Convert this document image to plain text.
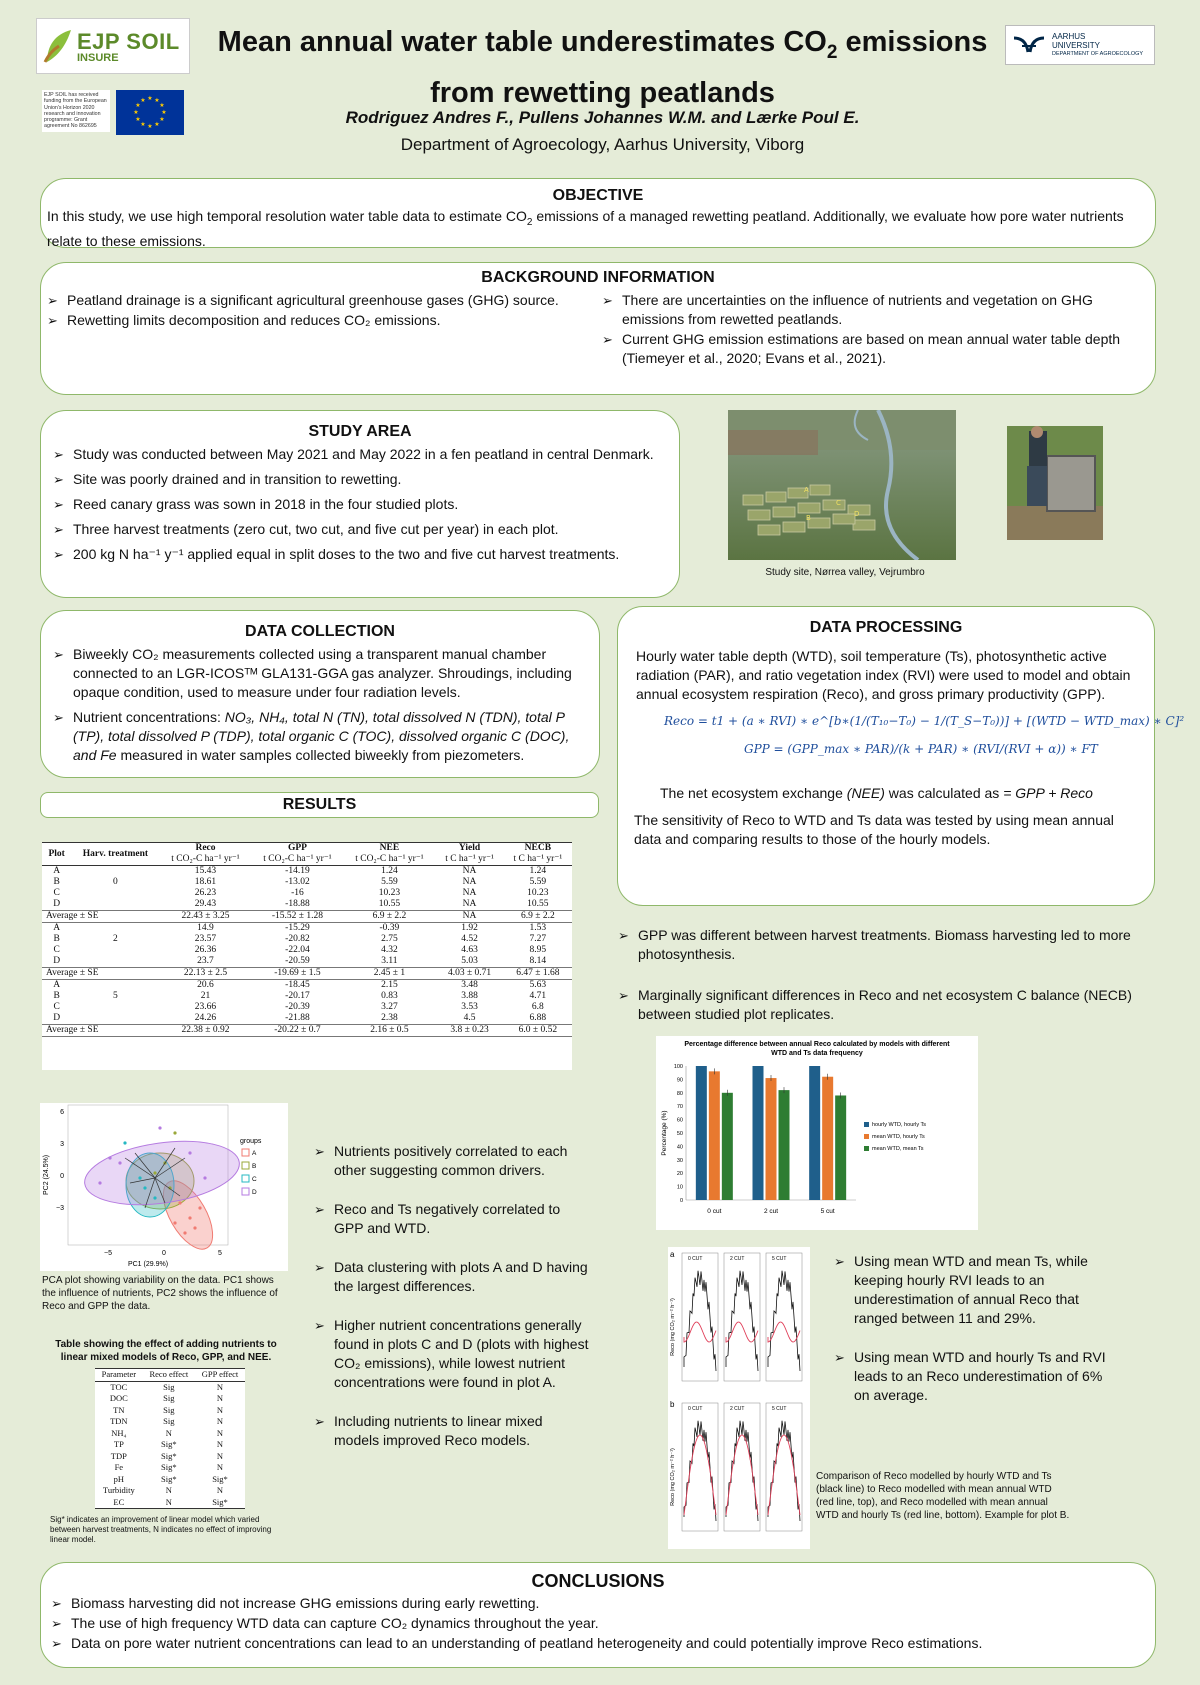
EJP SOIL
INSURE
EJP SOIL has received funding from the European Union's Horizon 2020 research and innovation programme: Grant agreement No 862695
★ ★
★
★
★
★
★
★
★
★
★
★
Mean annual water table underestimates $CO_2$ emissions
from rewetting peatlands
Rodriguez Andres F., Pullens Johannes W.M. and Lærke Poul E.
Department of Agroecology, Aarhus University, Viborg
AARHUS
UNIVERSITY
DEPARTMENT OF AGROECOLOGY
OBJECTIVE
In this study, we use high temporal resolution water table data to estimate $CO_2$ emissions of a managed rewetting peatland. Additionally, we evaluate how pore water nutrients relate to these emissions.
BACKGROUND INFORMATION
➢ Peatland drainage is a significant agricultural greenhouse gases (GHG) source.
➢ Rewetting limits decomposition and reduces CO₂ emissions.
➢ There are uncertainties on the influence of nutrients and vegetation on GHG emissions from rewetted peatlands.
➢ Current GHG emission estimations are based on mean annual water table depth (Tiemeyer et al., 2020; Evans et al., 2021).
STUDY AREA
➢ Study was conducted between May 2021 and May 2022 in a fen peatland in central Denmark.
➢ Site was poorly drained and in transition to rewetting.
➢ Reed canary grass was sown in 2018 in the four studied plots.
➢ Three harvest treatments (zero cut, two cut, and five cut per year) in each plot.
➢ 200 kg N ha⁻¹ y⁻¹ applied equal in split doses to the two and five cut harvest treatments.
A
B
C
D
Study site, Nørrea valley, Vejrumbro
DATA COLLECTION
➢ Biweekly CO₂ measurements collected using a transparent manual chamber connected to an LGR-ICOSᵀᴹ GLA131-GGA gas analyzer. Shroudings, including opaque condition, used to measure under four radiation levels.
➢ Nutrient concentrations: NO₃, NH₄, total N (TN), total dissolved N (TDN), total P (TP), total dissolved P (TDP), total organic C (TOC), dissolved organic C (DOC), and Fe measured in water samples collected biweekly from piezometers.
DATA PROCESSING
Hourly water table depth (WTD), soil temperature (Ts), photosynthetic active radiation (PAR), and ratio vegetation index (RVI) were used to model and obtain annual ecosystem respiration (Reco), and gross primary productivity (GPP).
Reco = t1 + (a ∗ RVI) ∗ e^[b∗(1/(T₁₀−T₀) − 1/(T_S−T₀))] + [(WTD − WTD_max) ∗ C]²
GPP = (GPP_max ∗ PAR)/(k + PAR) ∗ (RVI/(RVI + α)) ∗ FT
The net ecosystem exchange (NEE) was calculated as = GPP + Reco
The sensitivity of Reco to WTD and Ts data was tested by using mean annual data and comparing results to those of the hourly models.
RESULTS
Plot	Harv. treatment	Reco	GPP	NEE	Yield	NECB
		t CO₂-C ha⁻¹ yr⁻¹	t CO₂-C ha⁻¹ yr⁻¹	t CO₂-C ha⁻¹ yr⁻¹	t C ha⁻¹ yr⁻¹	t C ha⁻¹ yr⁻¹
A		15.43	-14.19	1.24	NA	1.24
B	0	18.61	-13.02	5.59	NA	5.59
C		26.23	-16	10.23	NA	10.23
D		29.43	-18.88	10.55	NA	10.55
Average ± SE		22.43 ± 3.25	-15.52 ± 1.28	6.9 ± 2.2	NA	6.9 ± 2.2
A		14.9	-15.29	-0.39	1.92	1.53
B	2	23.57	-20.82	2.75	4.52	7.27
C		26.36	-22.04	4.32	4.63	8.95
D		23.7	-20.59	3.11	5.03	8.14
Average ± SE		22.13 ± 2.5	-19.69 ± 1.5	2.45 ± 1	4.03 ± 0.71	6.47 ± 1.68
A		20.6	-18.45	2.15	3.48	5.63
B	5	21	-20.17	0.83	3.88	4.71
C		23.66	-20.39	3.27	3.53	6.8
D		24.26	-21.88	2.38	4.5	6.88
Average ± SE		22.38 ± 0.92	-20.22 ± 0.7	2.16 ± 0.5	3.8 ± 0.23	6.0 ± 0.52
➢ GPP was different between harvest treatments. Biomass harvesting led to more photosynthesis.
➢ Marginally significant differences in Reco and net ecosystem C balance (NECB) between studied plot replicates.
Percentage difference between annual Reco calculated by models with different
WTD and Ts data frequency
0
10
20
30
40
50
60
70
80
90
100
Percentage (%)
0 cut	2 cut	5 cut
hourly WTD, hourly Ts
mean WTD, hourly Ts
mean WTD, mean Ts
6
3
0
−3
−5	0	5
PC1 (29.9%)
PC2 (24.5%)
groups
A
B
C
D
PCA plot showing variability on the data. PC1 shows the influence of nutrients, PC2 shows the influence of Reco and GPP the data.
➢ Nutrients positively correlated to each other suggesting common drivers.
➢ Reco and Ts negatively correlated to GPP and WTD.
➢ Data clustering with plots A and D having the largest differences.
➢ Higher nutrient concentrations generally found in plots C and D (plots with highest CO₂ emissions), while lowest nutrient concentrations were found in plot A.
➢ Including nutrients to linear mixed models improved Reco models.
Table showing the effect of adding nutrients to linear mixed models of Reco, GPP, and NEE.
Parameter	Reco effect	GPP effect
TOC	Sig	N
DOC	Sig	N
TN	Sig	N
TDN	Sig	N
NH₄	N	N
TP	Sig*	N
TDP	Sig*	N
Fe	Sig*	N
pH	Sig*	Sig*
Turbidity	N	N
EC	N	Sig*
Sig* indicates an improvement of linear model which varied between harvest treatments, N indicates no effect of improving linear model.
a
b
Reco (mg CO₂ m⁻² h⁻¹)
0 CUT	2 CUT	5 CUT
Reco (mg CO₂ m⁻² h⁻¹)
0 CUT	2 CUT	5 CUT
➢ Using mean WTD and mean Ts, while keeping hourly RVI leads to an underestimation of annual Reco that ranged between 11 and 29%.
➢ Using mean WTD and hourly Ts and RVI leads to an Reco underestimation of 6% on average.
Comparison of Reco modelled by hourly WTD and Ts (black line) to Reco modelled with mean annual WTD (red line, top), and Reco modelled with mean annual WTD and hourly Ts (red line, bottom). Example for plot B.
CONCLUSIONS
➢ Biomass harvesting did not increase GHG emissions during early rewetting.
➢ The use of high frequency WTD data can capture CO₂ dynamics throughout the year.
➢ Data on pore water nutrient concentrations can lead to an understanding of peatland heterogeneity and could potentially improve Reco estimations.
